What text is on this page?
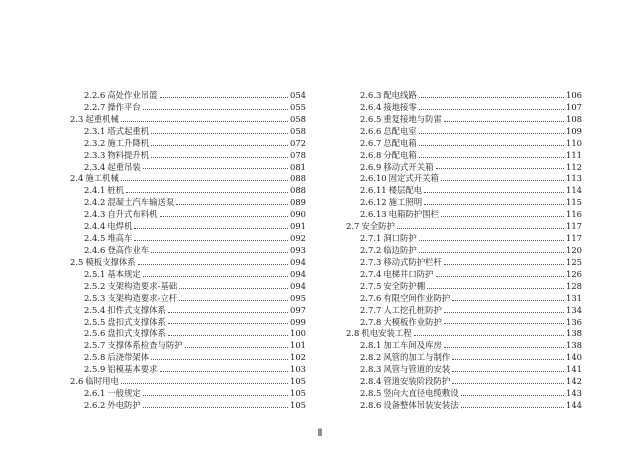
2.2.6 高处作业吊篮	054
2.2.7 操作平台	055
2.3 起重机械	058
2.3.1 塔式起重机	058
2.3.2 施工升降机	072
2.3.3 物料提升机	078
2.3.4 起重吊装	081
2.4 施工机械	088
2.4.1 桩机	088
2.4.2 混凝土汽车输送泵	089
2.4.3 自升式布料机	090
2.4.4 电焊机	091
2.4.5 堆高车	092
2.4.6 登高作业车	093
2.5 模板支撑体系	094
2.5.1 基本规定	094
2.5.2 支架构造要求-基础	094
2.5.3 支架构造要求-立杆	095
2.5.4 扣件式支撑体系	097
2.5.5 盘扣式支撑体系	099
2.5.6 盘扣式支撑体系	100
2.5.7 支撑体系检查与防护	101
2.5.8 后浇带架体	102
2.5.9 铝模基本要求	103
2.6 临时用电	105
2.6.1 一般规定	105
2.6.2 外电防护	105
2.6.3 配电线路	106
2.6.4 接地接零	107
2.6.5 重复接地与防雷	108
2.6.6 总配电室	109
2.6.7 总配电箱	110
2.6.8 分配电箱	111
2.6.9 移动式开关箱	112
2.6.10 固定式开关箱	113
2.6.11 楼层配电	114
2.6.12 施工照明	115
2.6.13 电箱防护围栏	116
2.7 安全防护	117
2.7.1 洞口防护	117
2.7.2 临边防护	120
2.7.3 移动式防护栏杆	125
2.7.4 电梯井口防护	126
2.7.5 安全防护棚	128
2.7.6 有限空间作业防护	131
2.7.7 人工挖孔桩防护	134
2.7.8 大模板作业防护	136
2.8 机电安装工程	138
2.8.1 加工车间及库房	138
2.8.2 风管的加工与制作	140
2.8.3 风管与管道的安装	141
2.8.4 管道安装阶段防护	142
2.8.5 竖向大直径电缆敷设	143
2.8.6 设备整体吊装安装法	144
Ⅱ
